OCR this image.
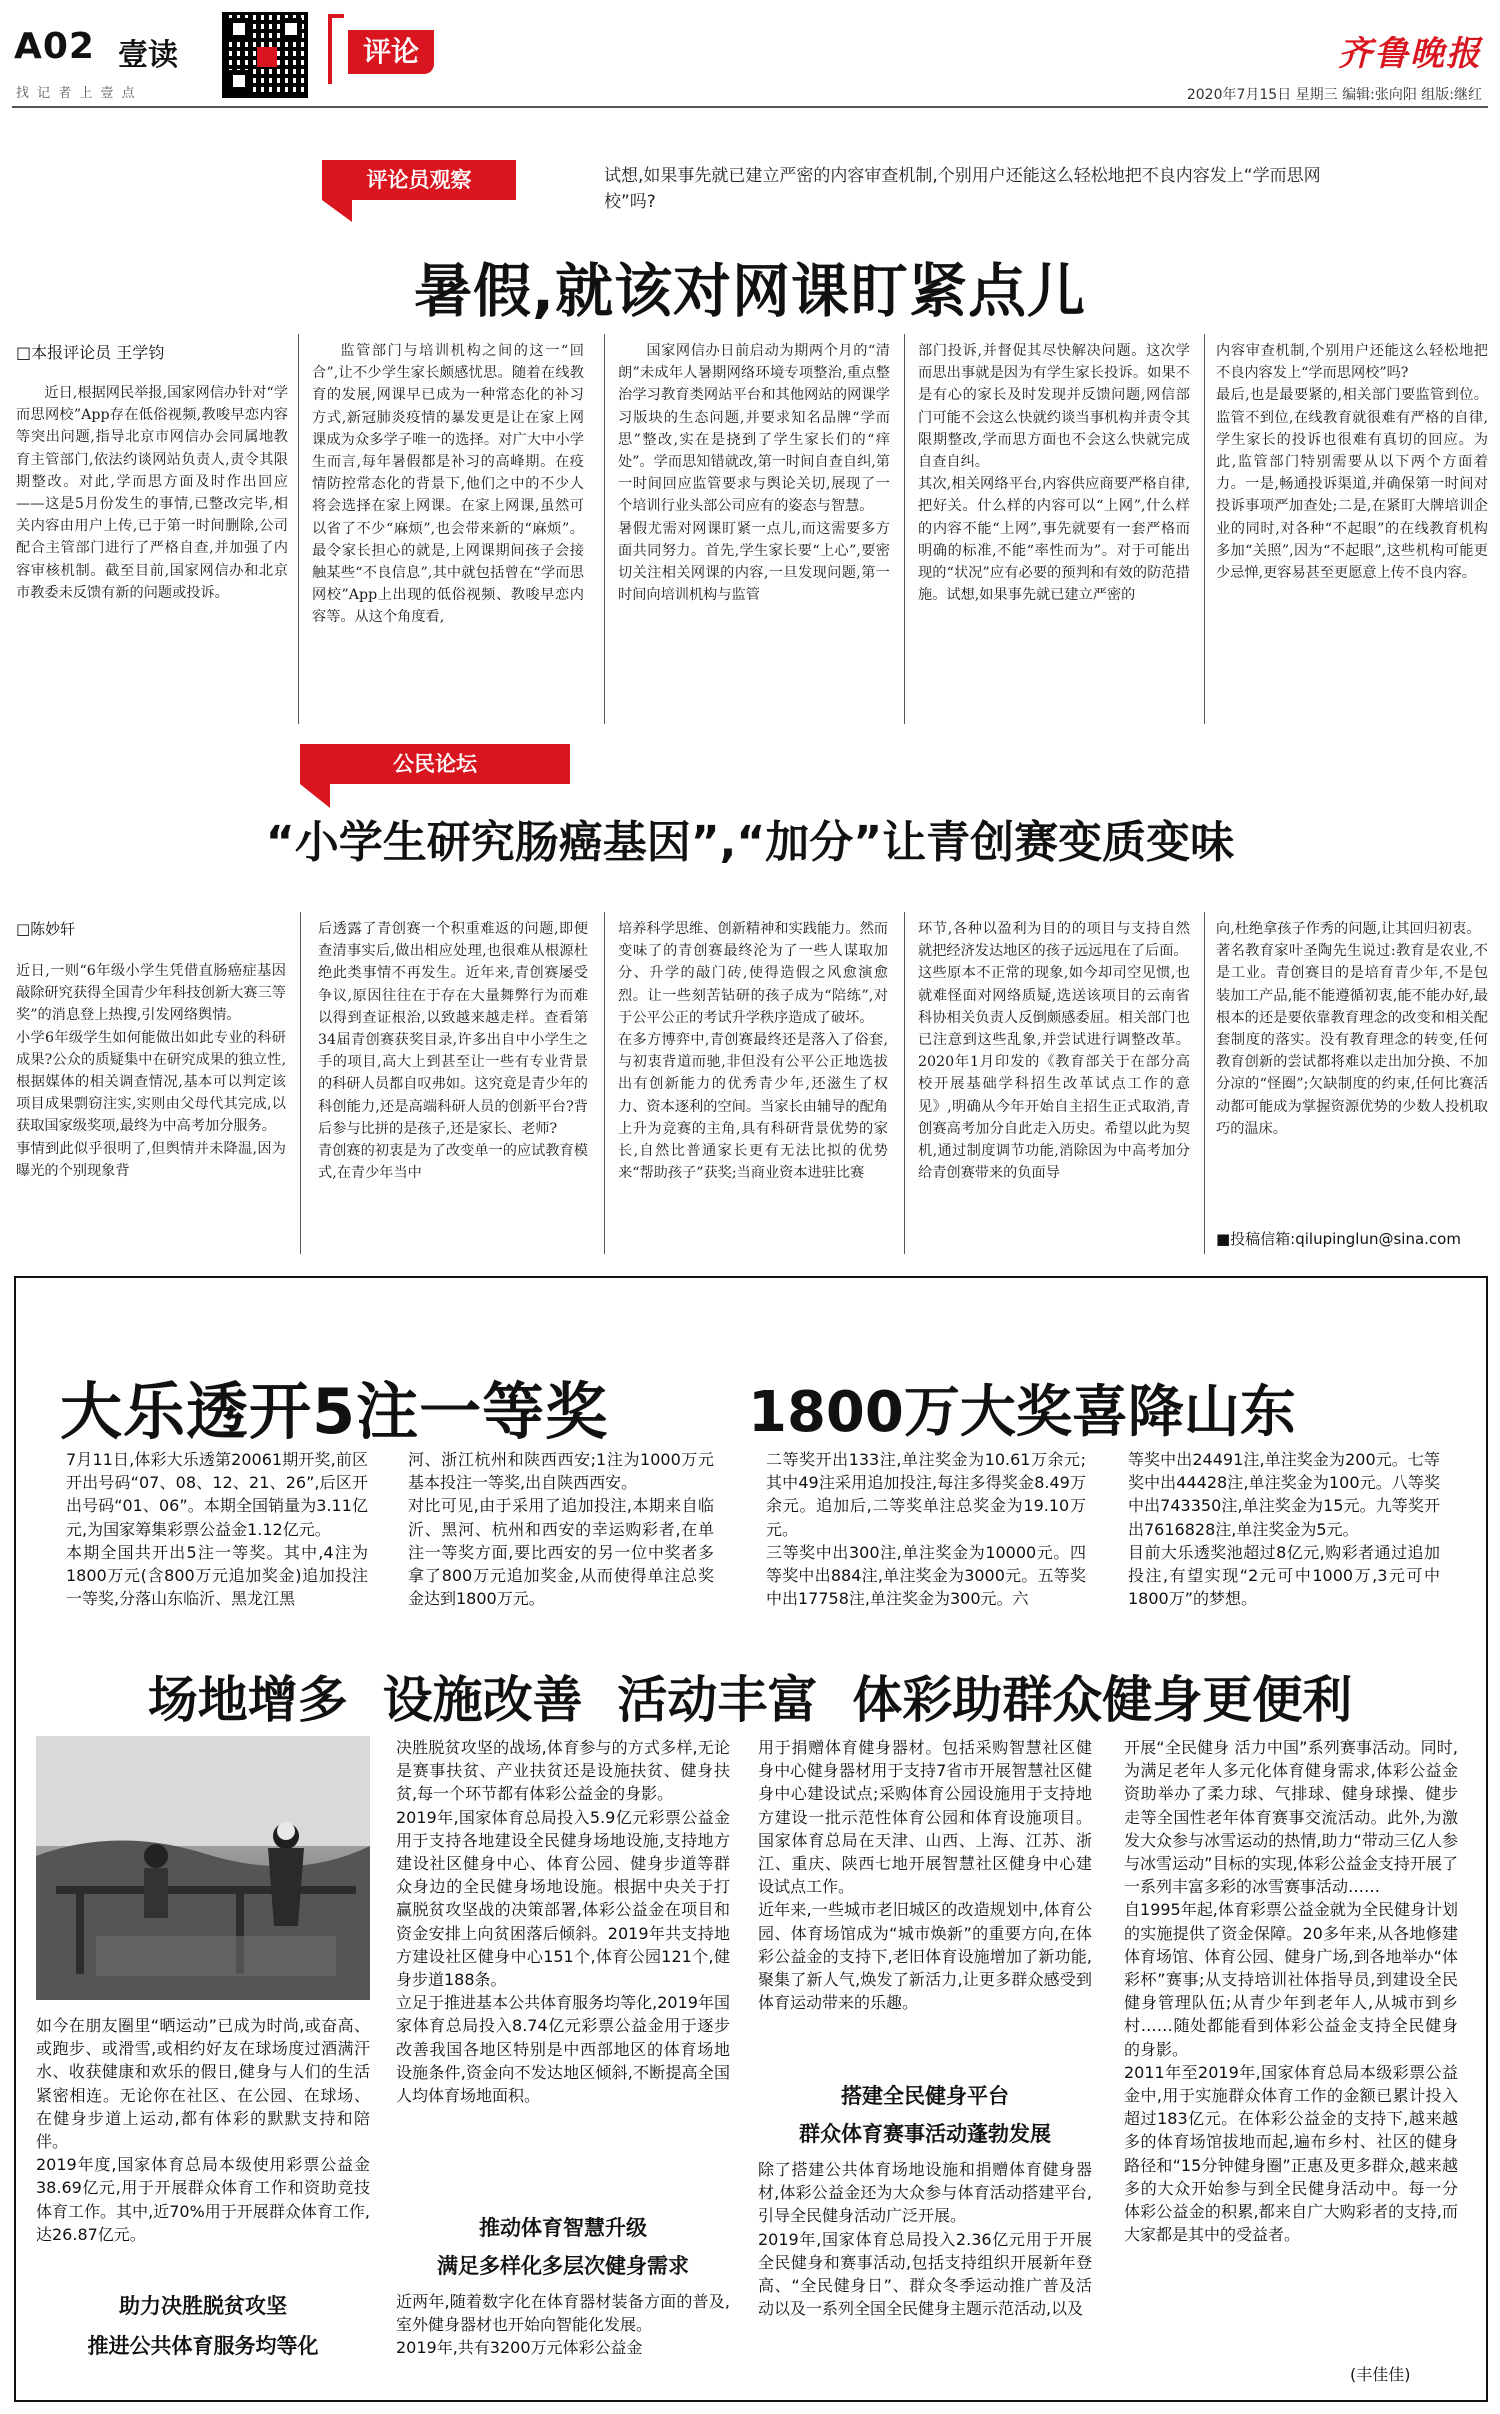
A02 壹读
找 记 者 上 壹 点
评论	齐鲁晚报
2020年7月15日 星期三 编辑:张向阳 组版:继红
评论员观察	试想,如果事先就已建立严密的内容审查机制,个别用户还能这么轻松地把不良内容发上“学而思网校”吗?
暑假,就该对网课盯紧点儿
□本报评论员 王学钧
近日,根据网民举报,国家网信办针对“学而思网校”App存在低俗视频,教唆早恋内容等突出问题,指导北京市网信办会同属地教育主管部门,依法约谈网站负责人,责令其限期整改。对此,学而思方面及时作出回应——这是5月份发生的事情,已整改完毕,相关内容由用户上传,已于第一时间删除,公司配合主管部门进行了严格自查,并加强了内容审核机制。截至目前,国家网信办和北京市教委未反馈有新的问题或投诉。
监管部门与培训机构之间的这一“回合”,让不少学生家长颇感忧思。随着在线教育的发展,网课早已成为一种常态化的补习方式,新冠肺炎疫情的暴发更是让在家上网课成为众多学子唯一的选择。对广大中小学生而言,每年暑假都是补习的高峰期。在疫情防控常态化的背景下,他们之中的不少人将会选择在家上网课。在家上网课,虽然可以省了不少“麻烦”,也会带来新的“麻烦”。最令家长担心的就是,上网课期间孩子会接触某些“不良信息”,其中就包括曾在“学而思网校”App上出现的低俗视频、教唆早恋内容等。从这个角度看,
国家网信办日前启动为期两个月的“清朗”未成年人暑期网络环境专项整治,重点整治学习教育类网站平台和其他网站的网课学习版块的生态问题,并要求知名品牌“学而思”整改,实在是挠到了学生家长们的“痒处”。学而思知错就改,第一时间自查自纠,第一时间回应监管要求与舆论关切,展现了一个培训行业头部公司应有的姿态与智慧。
暑假尤需对网课盯紧一点儿,而这需要多方面共同努力。首先,学生家长要“上心”,要密切关注相关网课的内容,一旦发现问题,第一时间向培训机构与监管
部门投诉,并督促其尽快解决问题。这次学而思出事就是因为有学生家长投诉。如果不是有心的家长及时发现并反馈问题,网信部门可能不会这么快就约谈当事机构并责令其限期整改,学而思方面也不会这么快就完成自查自纠。
其次,相关网络平台,内容供应商要严格自律,把好关。什么样的内容可以“上网”,什么样的内容不能“上网”,事先就要有一套严格而明确的标准,不能“率性而为”。对于可能出现的“状况”应有必要的预判和有效的防范措施。试想,如果事先就已建立严密的
内容审查机制,个别用户还能这么轻松地把不良内容发上“学而思网校”吗?
最后,也是最要紧的,相关部门要监管到位。监管不到位,在线教育就很难有严格的自律,学生家长的投诉也很难有真切的回应。为此,监管部门特别需要从以下两个方面着力。一是,畅通投诉渠道,并确保第一时间对投诉事项严加查处;二是,在紧盯大牌培训企业的同时,对各种“不起眼”的在线教育机构多加“关照”,因为“不起眼”,这些机构可能更少忌惮,更容易甚至更愿意上传不良内容。
公民论坛
“小学生研究肠癌基因”,“加分”让青创赛变质变味
□陈妙轩
近日,一则“6年级小学生凭借直肠癌症基因敲除研究获得全国青少年科技创新大赛三等奖”的消息登上热搜,引发网络舆情。
小学6年级学生如何能做出如此专业的科研成果?公众的质疑集中在研究成果的独立性,根据媒体的相关调查情况,基本可以判定该项目成果剽窃注实,实则由父母代其完成,以获取国家级奖项,最终为中高考加分服务。
事情到此似乎很明了,但舆情并未降温,因为曝光的个别现象背
后透露了青创赛一个积重难返的问题,即便查清事实后,做出相应处理,也很难从根源杜绝此类事情不再发生。近年来,青创赛屡受争议,原因往往在于存在大量舞弊行为而难以得到查证根治,以致越来越走样。查看第34届青创赛获奖目录,许多出自中小学生之手的项目,高大上到甚至让一些有专业背景的科研人员都自叹弗如。这究竟是青少年的科创能力,还是高端科研人员的创新平台?背后参与比拼的是孩子,还是家长、老师?
青创赛的初衷是为了改变单一的应试教育模式,在青少年当中
培养科学思维、创新精神和实践能力。然而变味了的青创赛最终沦为了一些人谋取加分、升学的敲门砖,使得造假之风愈演愈烈。让一些刻苦钻研的孩子成为“陪练”,对于公平公正的考试升学秩序造成了破坏。
在多方博弈中,青创赛最终还是落入了俗套,与初衷背道而驰,非但没有公平公正地选拔出有创新能力的优秀青少年,还滋生了权力、资本逐利的空间。当家长由辅导的配角上升为竞赛的主角,具有科研背景优势的家长,自然比普通家长更有无法比拟的优势来“帮助孩子”获奖;当商业资本进驻比赛
环节,各种以盈利为目的的项目与支持自然就把经济发达地区的孩子远远甩在了后面。
这些原本不正常的现象,如今却司空见惯,也就难怪面对网络质疑,选送该项目的云南省科协相关负责人反倒颇感委屈。相关部门也已注意到这些乱象,并尝试进行调整改革。2020年1月印发的《教育部关于在部分高校开展基础学科招生改革试点工作的意见》,明确从今年开始自主招生正式取消,青创赛高考加分自此走入历史。希望以此为契机,通过制度调节功能,消除因为中高考加分给青创赛带来的负面导
向,杜绝拿孩子作秀的问题,让其回归初衷。
著名教育家叶圣陶先生说过:教育是农业,不是工业。青创赛目的是培育青少年,不是包装加工产品,能不能遵循初衷,能不能办好,最根本的还是要依靠教育理念的改变和相关配套制度的落实。没有教育理念的转变,任何教育创新的尝试都将难以走出加分换、不加分凉的“怪圈”;欠缺制度的约束,任何比赛活动都可能成为掌握资源优势的少数人投机取巧的温床。
■投稿信箱:qilupinglun@sina.com
大乐透开5注一等奖 1800万大奖喜降山东
7月11日,体彩大乐透第20061期开奖,前区开出号码“07、08、12、21、26”,后区开出号码“01、06”。本期全国销量为3.11亿元,为国家筹集彩票公益金1.12亿元。
本期全国共开出5注一等奖。其中,4注为1800万元(含800万元追加奖金)追加投注一等奖,分落山东临沂、黑龙江黑
河、浙江杭州和陕西西安;1注为1000万元基本投注一等奖,出自陕西西安。
对比可见,由于采用了追加投注,本期来自临沂、黑河、杭州和西安的幸运购彩者,在单注一等奖方面,要比西安的另一位中奖者多拿了800万元追加奖金,从而使得单注总奖金达到1800万元。
二等奖开出133注,单注奖金为10.61万余元;其中49注采用追加投注,每注多得奖金8.49万余元。追加后,二等奖单注总奖金为19.10万元。
三等奖中出300注,单注奖金为10000元。四等奖中出884注,单注奖金为3000元。五等奖中出17758注,单注奖金为300元。六
等奖中出24491注,单注奖金为200元。七等奖中出44428注,单注奖金为100元。八等奖中出743350注,单注奖金为15元。九等奖开出7616828注,单注奖金为5元。
目前大乐透奖池超过8亿元,购彩者通过追加投注,有望实现“2元可中1000万,3元可中1800万”的梦想。
场地增多  设施改善  活动丰富  体彩助群众健身更便利
如今在朋友圈里“晒运动”已成为时尚,或奋高、或跑步、或滑雪,或相约好友在球场度过酒满汗水、收获健康和欢乐的假日,健身与人们的生活紧密相连。无论你在社区、在公园、在球场、在健身步道上运动,都有体彩的默默支持和陪伴。
2019年度,国家体育总局本级使用彩票公益金38.69亿元,用于开展群众体育工作和资助竞技体育工作。其中,近70%用于开展群众体育工作,达26.87亿元。
助力决胜脱贫攻坚
推进公共体育服务均等化
决胜脱贫攻坚的战场,体育参与的方式多样,无论是赛事扶贫、产业扶贫还是设施扶贫、健身扶贫,每一个环节都有体彩公益金的身影。
2019年,国家体育总局投入5.9亿元彩票公益金用于支持各地建设全民健身场地设施,支持地方建设社区健身中心、体育公园、健身步道等群众身边的全民健身场地设施。根据中央关于打赢脱贫攻坚战的决策部署,体彩公益金在项目和资金安排上向贫困落后倾斜。2019年共支持地方建设社区健身中心151个,体育公园121个,健身步道188条。
立足于推进基本公共体育服务均等化,2019年国家体育总局投入8.74亿元彩票公益金用于逐步改善我国各地区特别是中西部地区的体育场地设施条件,资金向不发达地区倾斜,不断提高全国人均体育场地面积。
推动体育智慧升级
满足多样化多层次健身需求
近两年,随着数字化在体育器材装备方面的普及,室外健身器材也开始向智能化发展。
2019年,共有3200万元体彩公益金
用于捐赠体育健身器材。包括采购智慧社区健身中心健身器材用于支持7省市开展智慧社区健身中心建设试点;采购体育公园设施用于支持地方建设一批示范性体育公园和体育设施项目。国家体育总局在天津、山西、上海、江苏、浙江、重庆、陕西七地开展智慧社区健身中心建设试点工作。
近年来,一些城市老旧城区的改造规划中,体育公园、体育场馆成为“城市焕新”的重要方向,在体彩公益金的支持下,老旧体育设施增加了新功能,聚集了新人气,焕发了新活力,让更多群众感受到体育运动带来的乐趣。
搭建全民健身平台
群众体育赛事活动蓬勃发展
除了搭建公共体育场地设施和捐赠体育健身器材,体彩公益金还为大众参与体育活动搭建平台,引导全民健身活动广泛开展。
2019年,国家体育总局投入2.36亿元用于开展全民健身和赛事活动,包括支持组织开展新年登高、“全民健身日”、群众冬季运动推广普及活动以及一系列全国全民健身主题示范活动,以及
开展“全民健身 活力中国”系列赛事活动。同时,为满足老年人多元化体育健身需求,体彩公益金资助举办了柔力球、气排球、健身球操、健步走等全国性老年体育赛事交流活动。此外,为激发大众参与冰雪运动的热情,助力“带动三亿人参与冰雪运动”目标的实现,体彩公益金支持开展了一系列丰富多彩的冰雪赛事活动……
自1995年起,体育彩票公益金就为全民健身计划的实施提供了资金保障。20多年来,从各地修建体育场馆、体育公园、健身广场,到各地举办“体彩杯”赛事;从支持培训社体指导员,到建设全民健身管理队伍;从青少年到老年人,从城市到乡村……随处都能看到体彩公益金支持全民健身的身影。
2011年至2019年,国家体育总局本级彩票公益金中,用于实施群众体育工作的金额已累计投入超过183亿元。在体彩公益金的支持下,越来越多的体育场馆拔地而起,遍布乡村、社区的健身路径和“15分钟健身圈”正惠及更多群众,越来越多的大众开始参与到全民健身活动中。每一分体彩公益金的积累,都来自广大购彩者的支持,而大家都是其中的受益者。
(丰佳佳)
